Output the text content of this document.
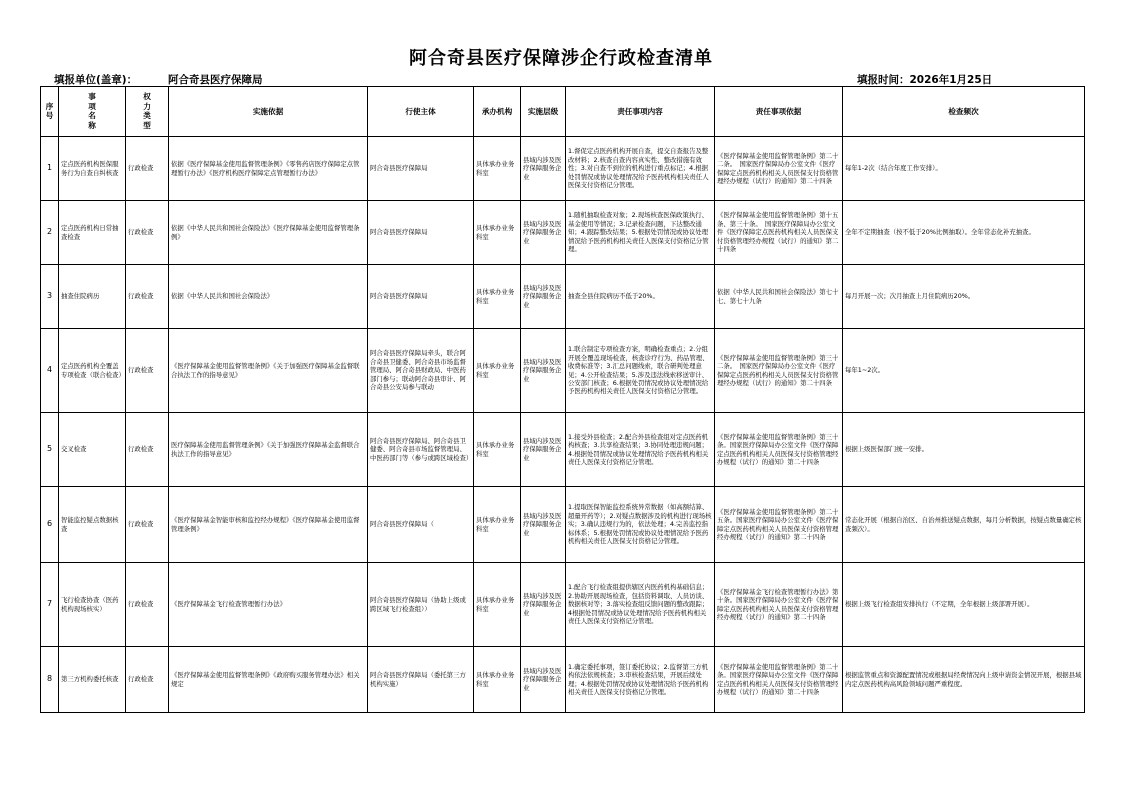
阿合奇县医疗保障涉企行政检查清单
填报单位(盖章)：	阿合奇县医疗保障局	填报时间：2026年1月25日
序号	事项名称	权力类型	实施依据	行使主体	承办机构	实施层级	责任事项内容	责任事项依据	检查频次
1	定点医药机构医保服务行为自查自纠核查	行政检查	依据《医疗保障基金使用监督管理条例》《零售药店医疗保障定点管理暂行办法》《医疗机构医疗保障定点管理暂行办法》	阿合奇县医疗保障局	具体承办业务科室	县域内涉及医疗保障服务企业	1.督促定点医药机构开展自查，提交自查报告及整改材料；2.核查自查内容真实性、整改措施有效性；3.对自查不到位的机构进行重点标记；4.根据处罚情况或协议处理情况给予医药机构相关责任人医保支付资格记分管理。	《医疗保障基金使用监督管理条例》第二十二条。　国家医疗保障局办公室文件《医疗保障定点医药机构相关人员医保支付资格管理经办规程（试行）的通知》第二十四条	每年1-2次（结合年度工作安排）。
2	定点医药机构日常抽查检查	行政检查	依据《中华人民共和国社会保险法》《医疗保障基金使用监督管理条例》	阿合奇县医疗保障局	具体承办业务科室	县域内涉及医疗保障服务企业	1.随机抽取检查对象；2.现场核查医保政策执行、基金使用等情况；3.记录检查问题，下达整改通知；4.跟踪整改结果；5.根据处罚情况或协议处理情况给予医药机构相关责任人医保支付资格记分管理。	《医疗保障基金使用监督管理条例》第十五条、第三十条。　国家医疗保障局办公室文件《医疗保障定点医药机构相关人员医保支付资格管理经办规程（试行）的通知》第二十四条	全年不定期抽查（按不低于20%比例抽取）。全年常态化补充抽查。
3	抽查住院病历	行政检查	依据《中华人民共和国社会保险法》	阿合奇县医疗保障局	具体承办业务科室	县域内涉及医疗保障服务企业	抽查全县住院病历不低于20%。	依据《中华人民共和国社会保险法》第七十七、第七十九条	每月开展一次；次月抽查上月住院病历20%。
4	定点医药机构全覆盖专项检查（联合检查）	行政检查	《医疗保障基金使用监督管理条例》《关于加强医疗保障基金监督联合执法工作的指导意见》	阿合奇县医疗保障局牵头，联合阿合奇县卫健委、阿合奇县市场监督管理局、阿合奇县财政局、中医药部门参与；联动阿合奇县审计、阿合奇县公安局参与联动	具体承办业务科室	县域内涉及医疗保障服务企业	1.联合制定专项检查方案，明确检查重点；2.分组开展全覆盖现场检查，核查诊疗行为、药品管理、收费标准等；3.汇总问题线索，联合研判处理意见；4.公开检查结果；5.涉及违法线索移送审计、公安部门核查；6.根据处罚情况或协议处理情况给予医药机构相关责任人医保支付资格记分管理。	《医疗保障基金使用监督管理条例》第三十二条。　国家医疗保障局办公室文件《医疗保障定点医药机构相关人员医保支付资格管理经办规程（试行）的通知》第二十四条	每年1~2次。
5	交叉检查	行政检查	医疗保障基金使用监督管理条例》《关于加强医疗保障基金监督联合执法工作的指导意见》	阿合奇县医疗保障局、阿合奇县卫健委、阿合奇县市场监督管理局、中医药部门等（参与或跨区域检查）	具体承办业务科室	县域内涉及医疗保障服务企业	1.接受外县检查；2.配合外县检查组对定点医药机构核查；3.共享检查结果；3.协同处理违规问题；4.根据处罚情况或协议处理情况给予医药机构相关责任人医保支付资格记分管理。	《医疗保障基金使用监督管理条例》第三十条。国家医疗保障局办公室文件《医疗保障定点医药机构相关人员医保支付资格管理经办规程（试行）的通知》第二十四条	根据上级医保部门统一安排。
6	智能监控疑点数据核查	行政检查	《医疗保障基金智能审核和监控经办规程》《医疗保障基金使用监督管理条例》	阿合奇县医疗保障局（	具体承办业务科室	县域内涉及医疗保障服务企业	1.提取医保智能监控系统异常数据（如高额结算、超量开药等）；2.对疑点数据涉及的机构进行现场核实；3.确认违规行为的，依法处理；4.完善监控指标体系；5.根据处罚情况或协议处理情况给予医药机构相关责任人医保支付资格记分管理。	《医疗保障基金使用监督管理条例》第二十五条。国家医疗保障局办公室文件《医疗保障定点医药机构相关人员医保支付资格管理经办规程（试行）的通知》第二十四条	常态化开展（根据自治区、自治州推送疑点数据，每月分析数据，按疑点数量确定核查频次）。
7	飞行检查协查（医药机构现场核实）	行政检查	《医疗保障基金飞行检查管理暂行办法》	阿合奇县医疗保障局（协助上级或跨区域飞行检查组））	具体承办业务科室	县域内涉及医疗保障服务企业	1.配合飞行检查组提供辖区内医药机构基础信息；2.协助开展现场检查，包括资料调取、人员访谈、数据核对等；3.落实检查组反馈问题的整改跟踪；4根据处罚情况或协议处理情况给予医药机构相关责任人医保支付资格记分管理。	《医疗保障基金飞行检查管理暂行办法》第十条。国家医疗保障局办公室文件《医疗保障定点医药机构相关人员医保支付资格管理经办规程（试行）的通知》第二十四条	根据上级飞行检查组安排执行（不定期，全年根据上级部署开展）。
8	第三方机构委托核查	行政检查	《医疗保障基金使用监督管理条例》《政府购买服务管理办法》相关规定	阿合奇县医疗保障局（委托第三方机构实施）	具体承办业务科室	县域内涉及医疗保障服务企业	1.确定委托事项，签订委托协议；2.监督第三方机构依法依规核查；3.审核检查结果，开展后续处理；4.根据处罚情况或协议处理情况给予医药机构相关责任人医保支付资格记分管理。	《医疗保障基金使用监督管理条例》第二十条。国家医疗保障局办公室文件《医疗保障定点医药机构相关人员医保支付资格管理经办规程（试行）的通知》第二十四条	根据监管重点和资源配置情况或根据局经费情况向上级申请资金情况开展，根据县域内定点医药机构高风险领域问题严重程度。
